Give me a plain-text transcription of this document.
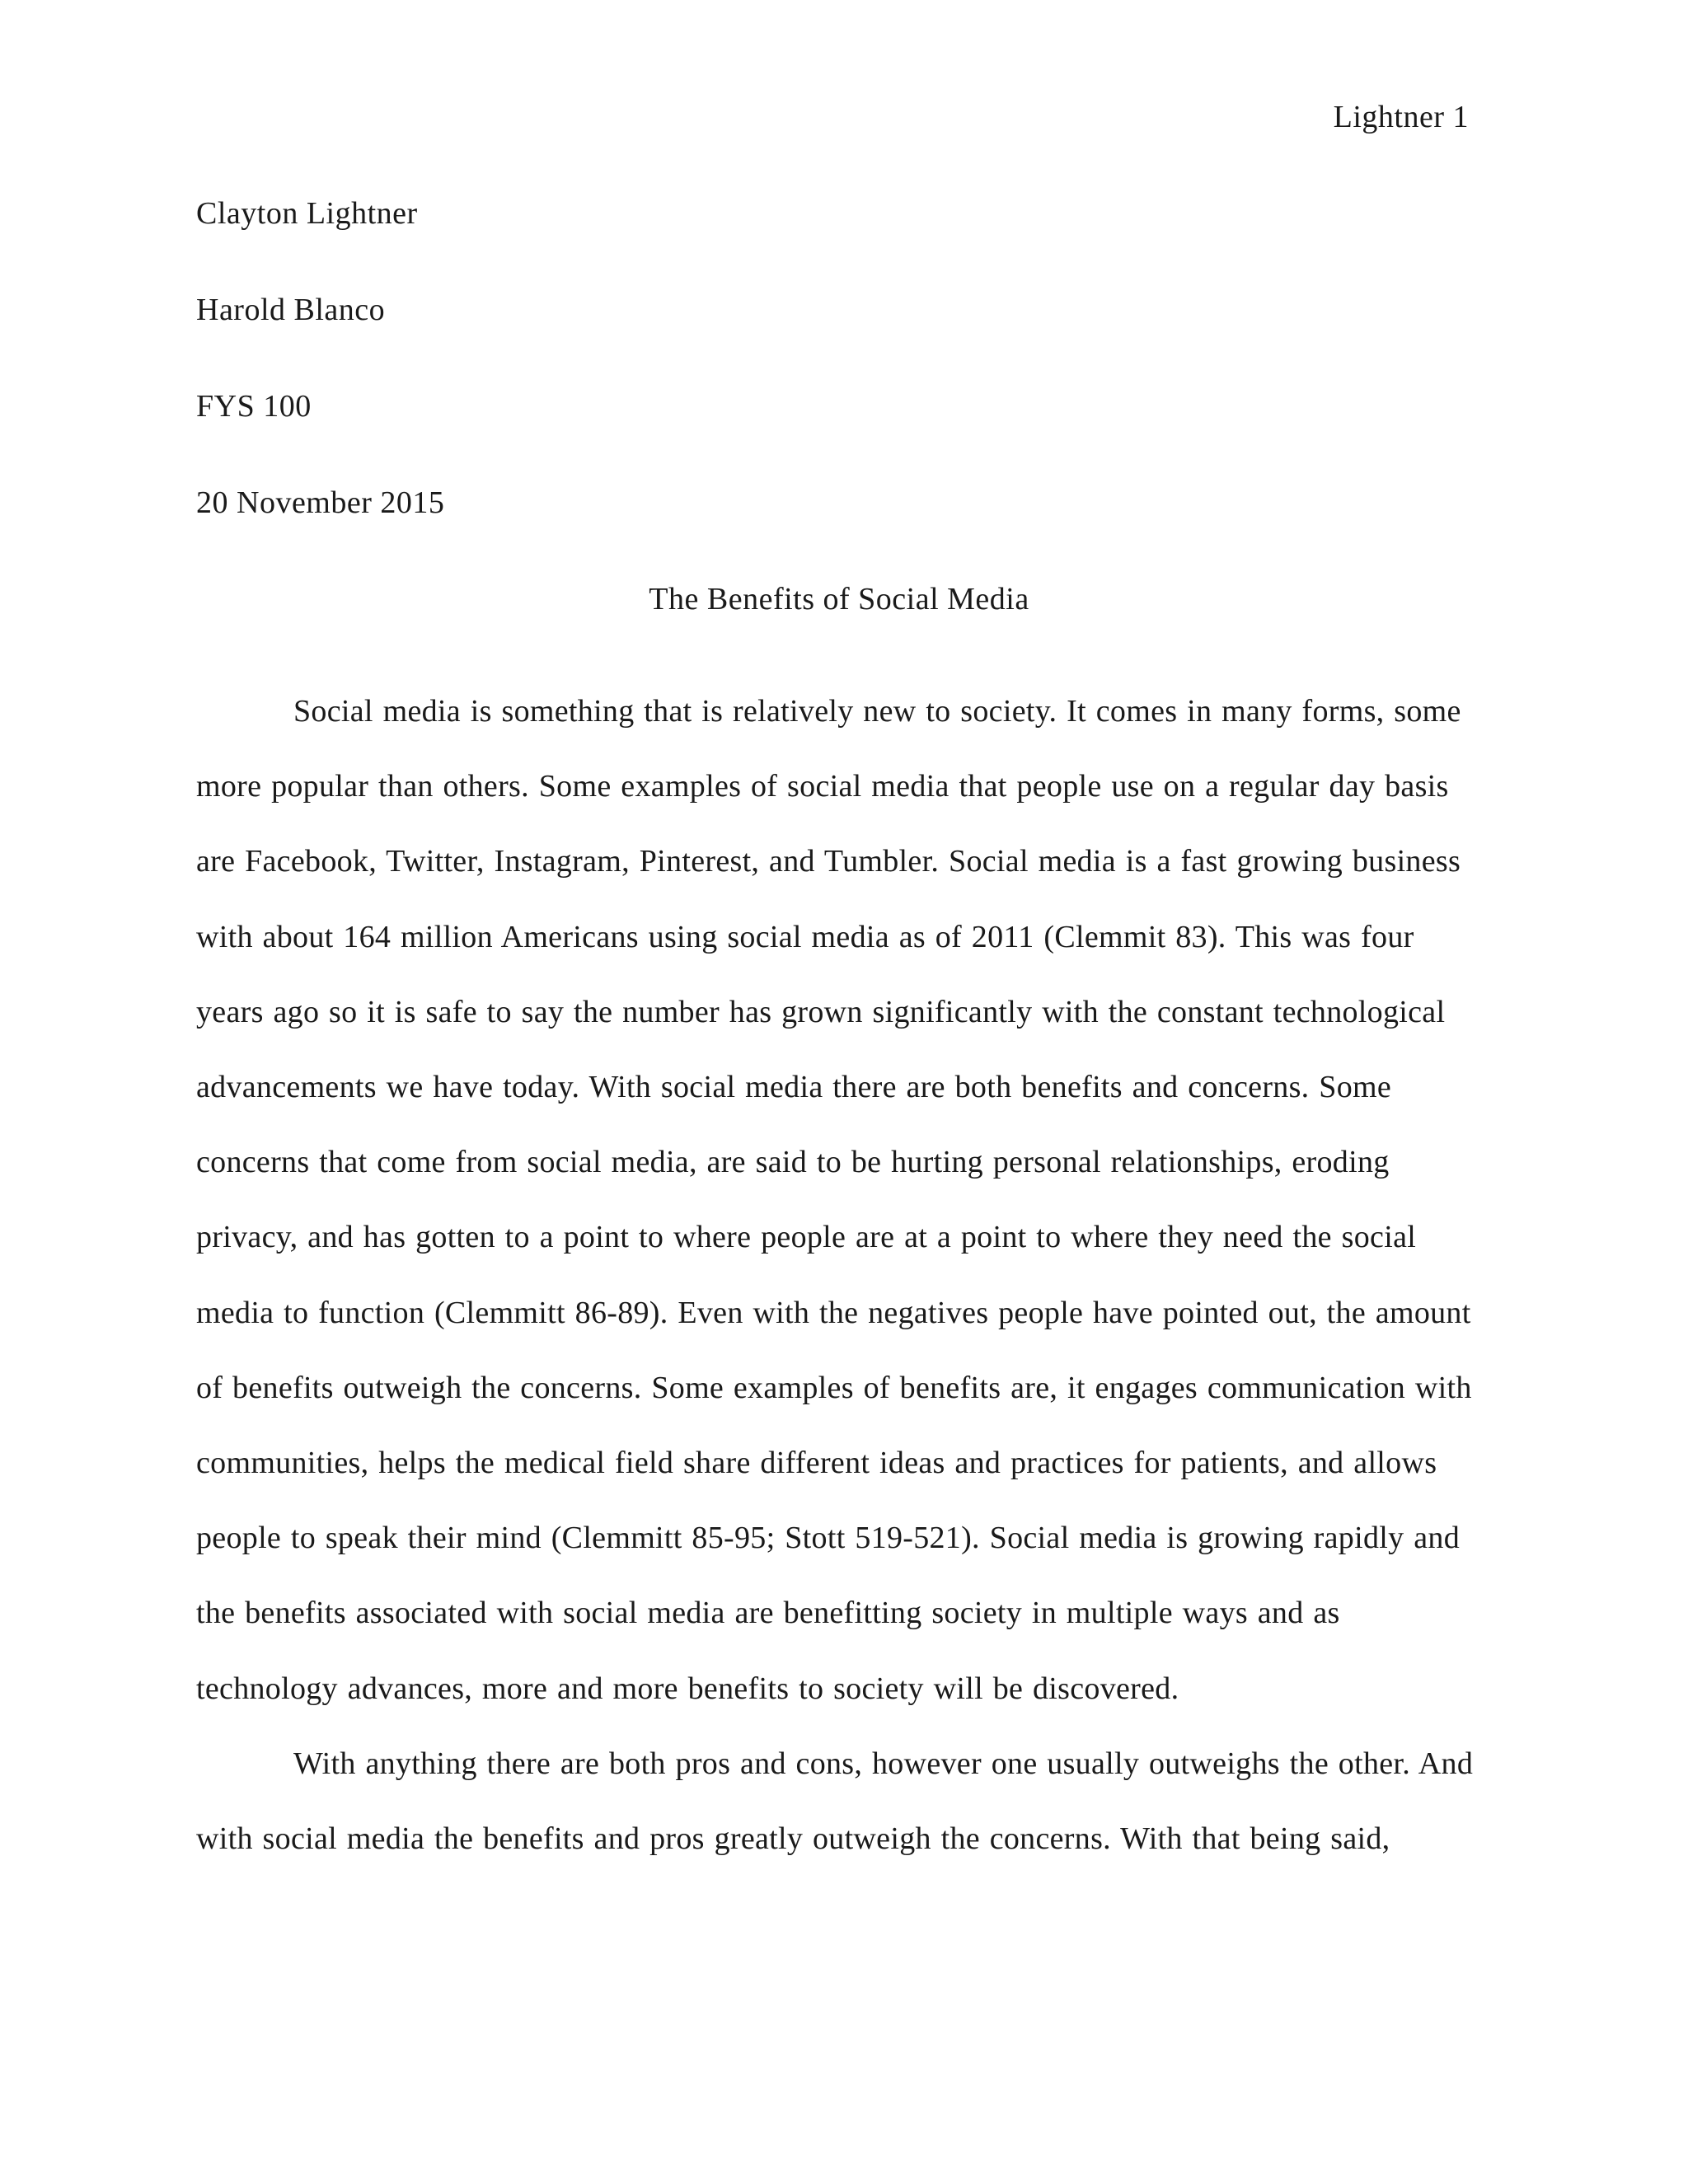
Lightner 1
Clayton Lightner
Harold Blanco
FYS 100
20 November 2015
The Benefits of Social Media

Social media is something that is relatively new to society. It comes in many forms, some more popular than others. Some examples of social media that people use on a regular day basis are Facebook, Twitter, Instagram, Pinterest, and Tumbler. Social media is a fast growing business with about 164 million Americans using social media as of 2011 (Clemmit 83). This was four years ago so it is safe to say the number has grown significantly with the constant technological advancements we have today. With social media there are both benefits and concerns. Some concerns that come from social media, are said to be hurting personal relationships, eroding privacy, and has gotten to a point to where people are at a point to where they need the social media to function (Clemmitt 86-89). Even with the negatives people have pointed out, the amount of benefits outweigh the concerns. Some examples of benefits are, it engages communication with communities, helps the medical field share different ideas and practices for patients, and allows people to speak their mind (Clemmitt 85-95; Stott 519-521). Social media is growing rapidly and the benefits associated with social media are benefitting society in multiple ways and as technology advances, more and more benefits to society will be discovered.

With anything there are both pros and cons, however one usually outweighs the other. And with social media the benefits and pros greatly outweigh the concerns. With that being said,
